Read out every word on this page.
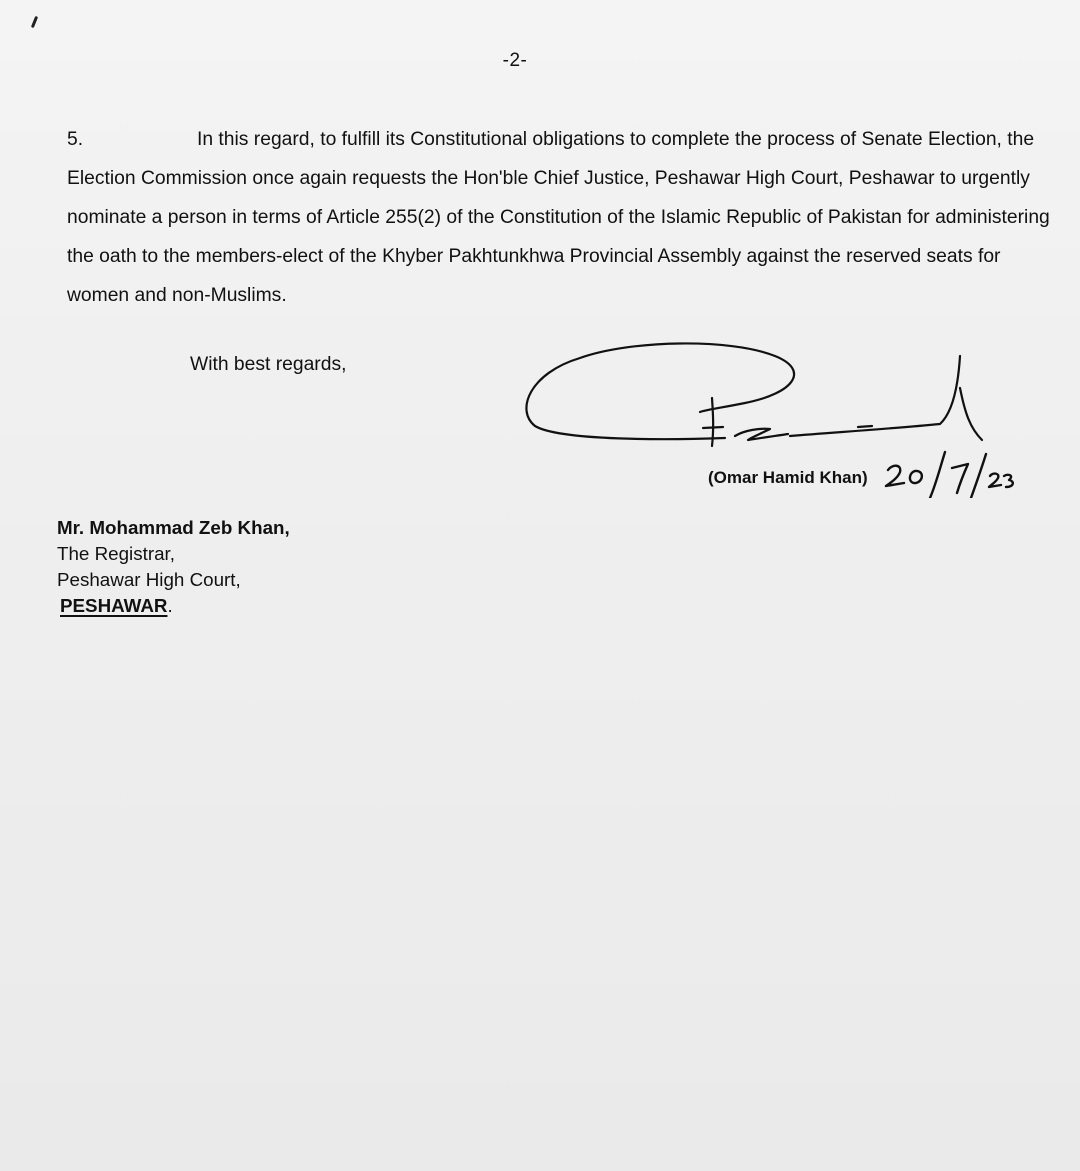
-2-
5.	In this regard, to fulfill its Constitutional obligations to complete the process of Senate Election, the
Election Commission once again requests the Hon'ble Chief Justice, Peshawar High Court, Peshawar to urgently
nominate a person in terms of Article 255(2) of the Constitution of the Islamic Republic of Pakistan for administering
the oath to the members-elect of the Khyber Pakhtunkhwa Provincial Assembly against the reserved seats for
women and non-Muslims.
With best regards,
(Omar Hamid Khan)
Mr. Mohammad Zeb Khan,
The Registrar,
Peshawar High Court,
PESHAWAR.
